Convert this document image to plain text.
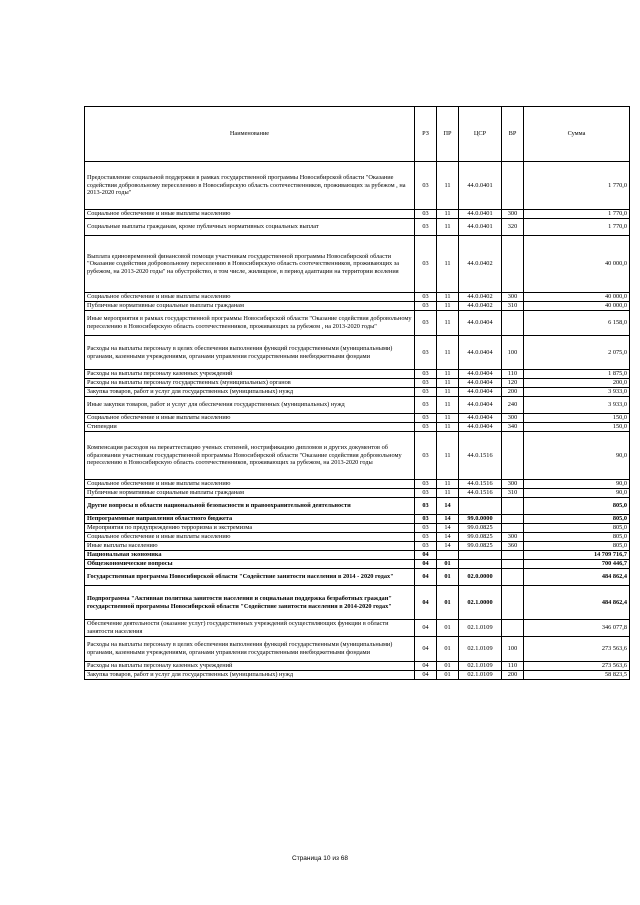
Наименование	РЗ	ПР	ЦСР	ВР	Сумма
Предоставление социальной поддержки в рамках государственной программы Новосибирской области "Оказание содействия добровольному переселению в Новосибирскую область соотечественников, проживающих за рубежом , на 2013-2020 годы"	03	11	44.0.0401		1 770,0
Социальное обеспечение и иные выплаты населению	03	11	44.0.0401	300	1 770,0
Социальные выплаты гражданам, кроме публичных нормативных социальных выплат	03	11	44.0.0401	320	1 770,0
Выплата единовременной финансовой помощи участникам государственной программы Новосибирской области "Оказание содействия добровольному переселению в Новосибирскую область соотечественников, проживающих за рубежом, на 2013-2020 годы" на обустройство, в том числе, жилищное, в период адаптации на территории вселения	03	11	44.0.0402		40 000,0
Социальное обеспечение и иные выплаты населению	03	11	44.0.0402	300	40 000,0
Публичные нормативные социальные выплаты гражданам	03	11	44.0.0402	310	40 000,0
Иные мероприятия в рамках государственной программы Новосибирской области "Оказание содействия добровольному переселению в Новосибирскую область соотечественников, проживающих за рубежом , на 2013-2020 годы"	03	11	44.0.0404		6 158,0
Расходы на выплаты персоналу в целях обеспечения выполнения функций государственными (муниципальными) органами, казенными учреждениями, органами управления государственными внебюджетными фондами	03	11	44.0.0404	100	2 075,0
Расходы на выплаты персоналу казенных учреждений	03	11	44.0.0404	110	1 875,0
Расходы на выплаты персоналу государственных (муниципальных) органов	03	11	44.0.0404	120	200,0
Закупка товаров, работ и услуг для государственных (муниципальных) нужд	03	11	44.0.0404	200	3 933,0
Иные закупки товаров, работ и услуг для обеспечения государственных (муниципальных) нужд	03	11	44.0.0404	240	3 933,0
Социальное обеспечение и иные выплаты населению	03	11	44.0.0404	300	150,0
Стипендии	03	11	44.0.0404	340	150,0
Компенсация расходов на переаттестацию ученых степеней, нострификацию дипломов и других документов об образовании участникам государственной программы Новосибирской области "Оказание содействия добровольному переселению в Новосибирскую область соотечественников, проживающих за рубежом, на 2013-2020 годы	03	11	44.0.1516		90,0
Социальное обеспечение и иные выплаты населению	03	11	44.0.1516	300	90,0
Публичные нормативные социальные выплаты гражданам	03	11	44.0.1516	310	90,0
Другие вопросы в области национальной безопасности и правоохранительной деятельности	03	14			805,0
Непрограммные направления областного бюджета	03	14	99.0.0000		805,0
Мероприятия по предупреждению терроризма и экстремизма	03	14	99.0.0825		805,0
Социальное обеспечение и иные выплаты населению	03	14	99.0.0825	300	805,0
Иные выплаты населению	03	14	99.0.0825	360	805,0
Национальная экономика	04				14 709 716,7
Общеэкономические вопросы	04	01			700 446,7
Государственная программа Новосибирской области "Содействие занятости населения в 2014 - 2020 годах"	04	01	02.0.0000		484 862,4
Подпрограмма "Активная политика занятости населения и социальная поддержка безработных граждан" государственной программы Новосибирской области "Содействие занятости населения в 2014-2020 годах"	04	01	02.1.0000		484 862,4
Обеспечение деятельности (оказание услуг) государственных учреждений осуществляющих функции в области занятости населения	04	01	02.1.0109		346 077,8
Расходы на выплаты персоналу в целях обеспечения выполнения функций государственными (муниципальными) органами, казенными учреждениями, органами управления государственными внебюджетными фондами	04	01	02.1.0109	100	273 563,6
Расходы на выплаты персоналу казенных учреждений	04	01	02.1.0109	110	273 563,6
Закупка товаров, работ и услуг для государственных (муниципальных) нужд	04	01	02.1.0109	200	58 823,5
Страница 10 из 68
